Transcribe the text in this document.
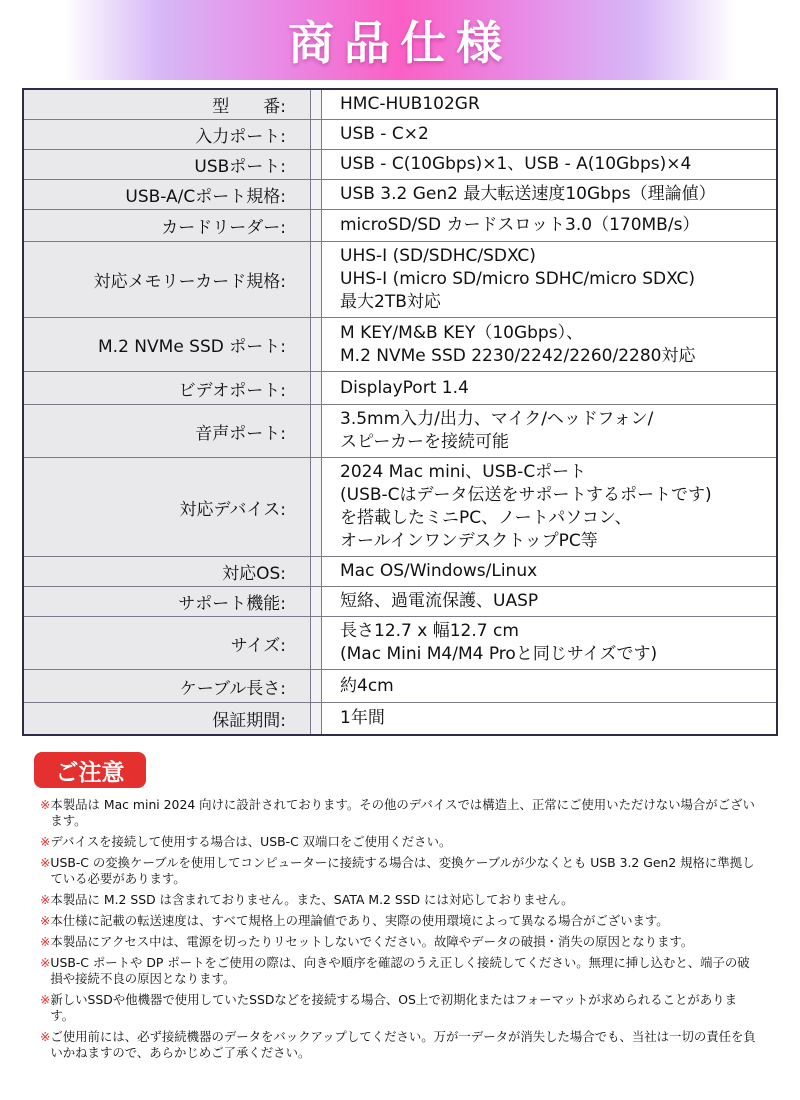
商品仕様
型　　番:		HMC-HUB102GR

入力ポート:		USB - C×2

USBポート:		USB - C(10Gbps)×1、USB - A(10Gbps)×4

USB-A/Cポート規格:		USB 3.2 Gen2 最大転送速度10Gbps（理論値）

カードリーダー:		microSD/SD カードスロット3.0（170MB/s）

対応メモリーカード規格:		UHS-I (SD/SDHC/SDXC)
UHS-I (micro SD/micro SDHC/micro SDXC)
最大2TB対応

M.2 NVMe SSD ポート:		M KEY/M&B KEY（10Gbps）、
M.2 NVMe SSD 2230/2242/2260/2280対応

ビデオポート:		DisplayPort 1.4

音声ポート:		3.5mm入力/出力、マイク/ヘッドフォン/
スピーカーを接続可能

対応デバイス:		2024 Mac mini、USB-Cポート
(USB-Cはデータ伝送をサポートするポートです)
を搭載したミニPC、ノートパソコン、
オールインワンデスクトップPC等

対応OS:		Mac OS/Windows/Linux

サポート機能:		短絡、過電流保護、UASP

サイズ:		長さ12.7 x 幅12.7 cm
(Mac Mini M4/M4 Proと同じサイズです)

ケーブル長さ:		約4cm

保証期間:		1年間
ご注意
※ 本製品は Mac mini 2024 向けに設計されております。その他のデバイスでは構造上、正常にご使用いただけない場合がございます。
※ デバイスを接続して使用する場合は、USB-C 双端口をご使用ください。
※ USB-C の変換ケーブルを使用してコンピューターに接続する場合は、変換ケーブルが少なくとも USB 3.2 Gen2 規格に準拠している必要があります。
※ 本製品に M.2 SSD は含まれておりません。また、SATA M.2 SSD には対応しておりません。
※ 本仕様に記載の転送速度は、すべて規格上の理論値であり、実際の使用環境によって異なる場合がございます。
※ 本製品にアクセス中は、電源を切ったりリセットしないでください。故障やデータの破損・消失の原因となります。
※ USB-C ポートや DP ポートをご使用の際は、向きや順序を確認のうえ正しく接続してください。無理に挿し込むと、端子の破損や接続不良の原因となります。
※ 新しいSSDや他機器で使用していたSSDなどを接続する場合、OS上で初期化またはフォーマットが求められることがあります。
※ ご使用前には、必ず接続機器のデータをバックアップしてください。万が一データが消失した場合でも、当社は一切の責任を負いかねますので、あらかじめご了承ください。
